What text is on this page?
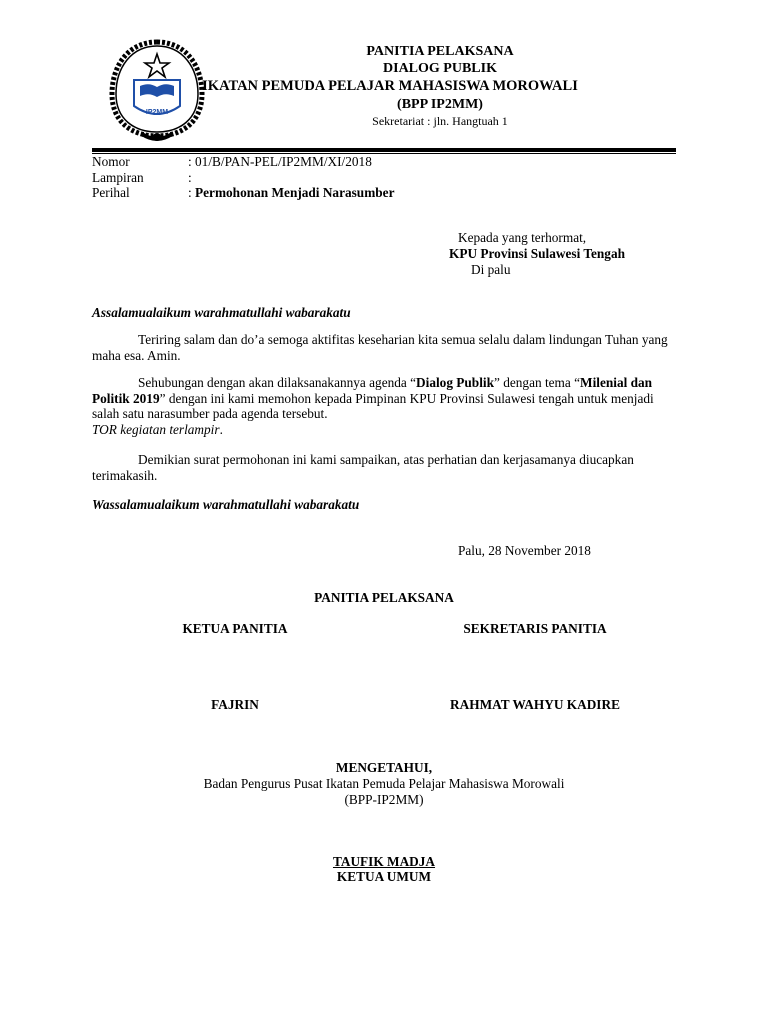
IP2MM
PANITIA PELAKSANA
DIALOG PUBLIK
IKATAN PEMUDA PELAJAR MAHASISWA MOROWALI
(BPP IP2MM)
Sekretariat : jln. Hangtuah 1
Nomor	: 01/B/PAN-PEL/IP2MM/XI/2018
Lampiran	:
Perihal	: Permohonan Menjadi Narasumber
Kepada yang terhormat,
KPU Provinsi Sulawesi Tengah
Di palu
Assalamualaikum warahmatullahi wabarakatu
Teriring salam dan do’a semoga aktifitas keseharian kita semua selalu dalam lindungan Tuhan yang maha esa. Amin.
Sehubungan dengan akan dilaksanakannya agenda “Dialog Publik” dengan tema “Milenial dan Politik 2019” dengan ini kami memohon kepada Pimpinan KPU Provinsi Sulawesi tengah untuk menjadi salah satu narasumber pada agenda tersebut.
TOR kegiatan terlampir.
Demikian surat permohonan ini kami sampaikan, atas perhatian dan kerjasamanya diucapkan terimakasih.
Wassalamualaikum warahmatullahi wabarakatu
Palu, 28 November 2018
PANITIA PELAKSANA
KETUA PANITIA	SEKRETARIS PANITIA
FAJRIN	RAHMAT WAHYU KADIRE
MENGETAHUI,
Badan Pengurus Pusat Ikatan Pemuda Pelajar Mahasiswa Morowali
(BPP-IP2MM)
TAUFIK MADJA
KETUA UMUM
